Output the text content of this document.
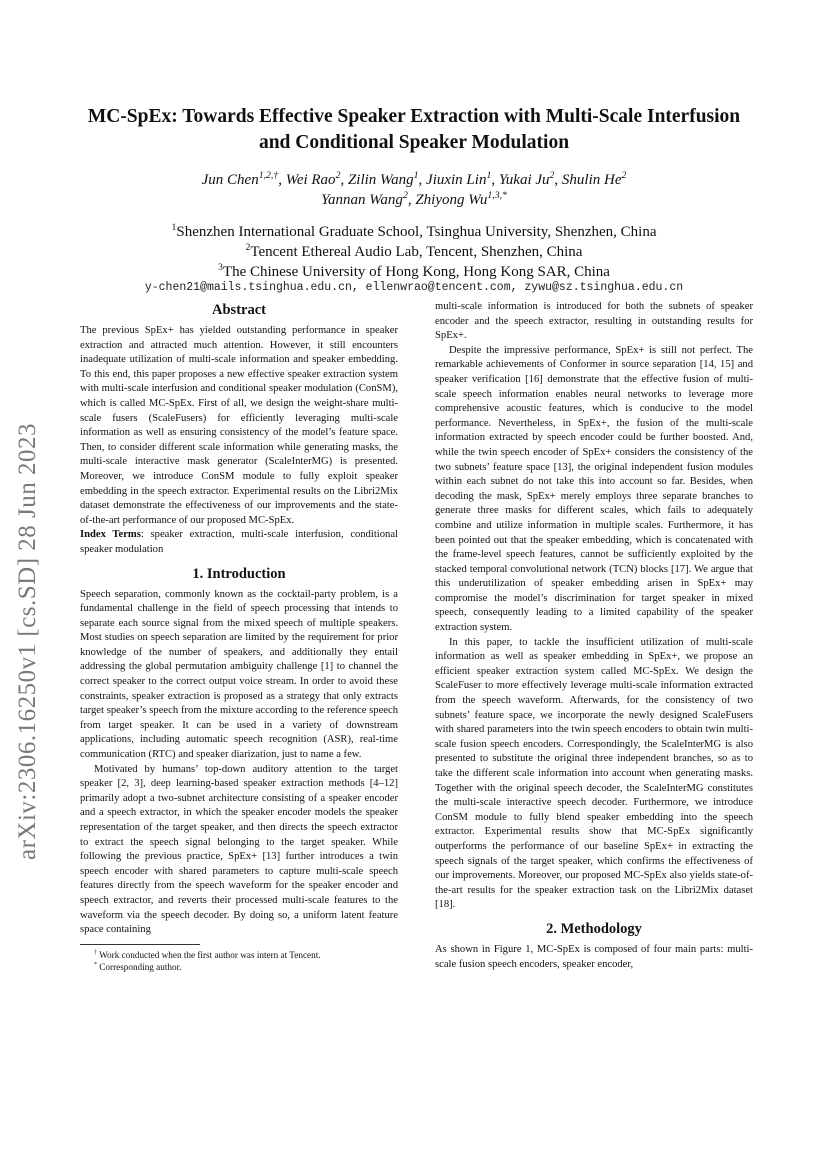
arXiv:2306.16250v1 [cs.SD] 28 Jun 2023
MC-SpEx: Towards Effective Speaker Extraction with Multi-Scale Interfusion
and Conditional Speaker Modulation
Jun Chen$^{1,2,\dagger}$, Wei Rao$^2$, Zilin Wang$^1$, Jiuxin Lin$^1$, Yukai Ju$^2$, Shulin He$^2$
Yannan Wang$^2$, Zhiyong $Wu^{1,3,*}$
$^1$Shenzhen International Graduate School, Tsinghua University, Shenzhen, China
$^2$Tencent Ethereal Audio Lab, Tencent, Shenzhen, China
$^3$The Chinese University of Hong Kong, Hong Kong SAR, China
y-chen21@mails.tsinghua.edu.cn, ellenwrao@tencent.com, zywu@sz.tsinghua.edu.cn
Abstract

The previous SpEx+ has yielded outstanding performance in speaker extraction and attracted much attention. However, it still encounters inadequate utilization of multi-scale information and speaker embedding. To this end, this paper proposes a new effective speaker extraction system with multi-scale interfusion and conditional speaker modulation (ConSM), which is called MC-SpEx. First of all, we design the weight-share multi-scale fusers (ScaleFusers) for efficiently leveraging multi-scale information as well as ensuring consistency of the model’s feature space. Then, to consider different scale information while generating masks, the multi-scale interactive mask generator (ScaleInterMG) is presented. Moreover, we introduce ConSM module to fully exploit speaker embedding in the speech extractor. Experimental results on the Libri2Mix dataset demonstrate the effectiveness of our improvements and the state-of-the-art performance of our proposed MC-SpEx.

Index Terms: speaker extraction, multi-scale interfusion, conditional speaker modulation

1. Introduction

Speech separation, commonly known as the cocktail-party problem, is a fundamental challenge in the field of speech processing that intends to separate each source signal from the mixed speech of multiple speakers. Most studies on speech separation are limited by the requirement for prior knowledge of the number of speakers, and additionally they entail addressing the global permutation ambiguity challenge [1] to channel the correct speaker to the correct output voice stream. In order to avoid these constraints, speaker extraction is proposed as a strategy that only extracts target speaker’s speech from the mixture according to the reference speech from target speaker. It can be used in a variety of downstream applications, including automatic speech recognition (ASR), real-time communication (RTC) and speaker diarization, just to name a few.

Motivated by humans’ top-down auditory attention to the target speaker [2, 3], deep learning-based speaker extraction methods [4–12] primarily adopt a two-subnet architecture consisting of a speaker encoder and a speech extractor, in which the speaker encoder models the speaker representation of the target speaker, and then directs the speech extractor to extract the speech signal belonging to the target speaker. While following the previous practice, SpEx+ [13] further introduces a twin speech encoder with shared parameters to capture multi-scale speech features directly from the speech waveform for the speaker encoder and speech extractor, and reverts their processed multi-scale features to the waveform via the speech decoder. By doing so, a uniform latent feature space containing

† Work conducted when the first author was intern at Tencent.
* Corresponding author.

multi-scale information is introduced for both the subnets of speaker encoder and the speech extractor, resulting in outstanding results for SpEx+.

Despite the impressive performance, SpEx+ is still not perfect. The remarkable achievements of Conformer in source separation [14, 15] and speaker verification [16] demonstrate that the effective fusion of multi-scale speech information enables neural networks to leverage more comprehensive acoustic features, which is conducive to the model performance. Nevertheless, in SpEx+, the fusion of the multi-scale information extracted by speech encoder could be further boosted. And, while the twin speech encoder of SpEx+ considers the consistency of the two subnets’ feature space [13], the original independent fusion modules within each subnet do not take this into account so far. Besides, when decoding the mask, SpEx+ merely employs three separate branches to generate three masks for different scales, which fails to adequately combine and utilize information in multiple scales. Furthermore, it has been pointed out that the speaker embedding, which is concatenated with the frame-level speech features, cannot be sufficiently exploited by the stacked temporal convolutional network (TCN) blocks [17]. We argue that this underutilization of speaker embedding arisen in SpEx+ may compromise the model’s discrimination for target speaker in mixed speech, consequently leading to a limited capability of the speaker extraction system.

In this paper, to tackle the insufficient utilization of multi-scale information as well as speaker embedding in SpEx+, we propose an efficient speaker extraction system called MC-SpEx. We design the ScaleFuser to more effectively leverage multi-scale information extracted from the speech waveform. Afterwards, for the consistency of two subnets’ feature space, we incorporate the newly designed ScaleFusers with shared parameters into the twin speech encoders to obtain twin multi-scale fusion speech encoders. Correspondingly, the ScaleInterMG is also presented to substitute the original three independent branches, so as to take the different scale information into account when generating masks. Together with the original speech decoder, the ScaleInterMG constitutes the multi-scale interactive speech decoder. Furthermore, we introduce ConSM module to fully blend speaker embedding into the speech extractor. Experimental results show that MC-SpEx significantly outperforms the performance of our baseline SpEx+ in extracting the speech signals of the target speaker, which confirms the effectiveness of our improvements. Moreover, our proposed MC-SpEx also yields state-of-the-art results for the speaker extraction task on the Libri2Mix dataset [18].

2. Methodology

As shown in Figure 1, MC-SpEx is composed of four main parts: multi-scale fusion speech encoders, speaker encoder,
